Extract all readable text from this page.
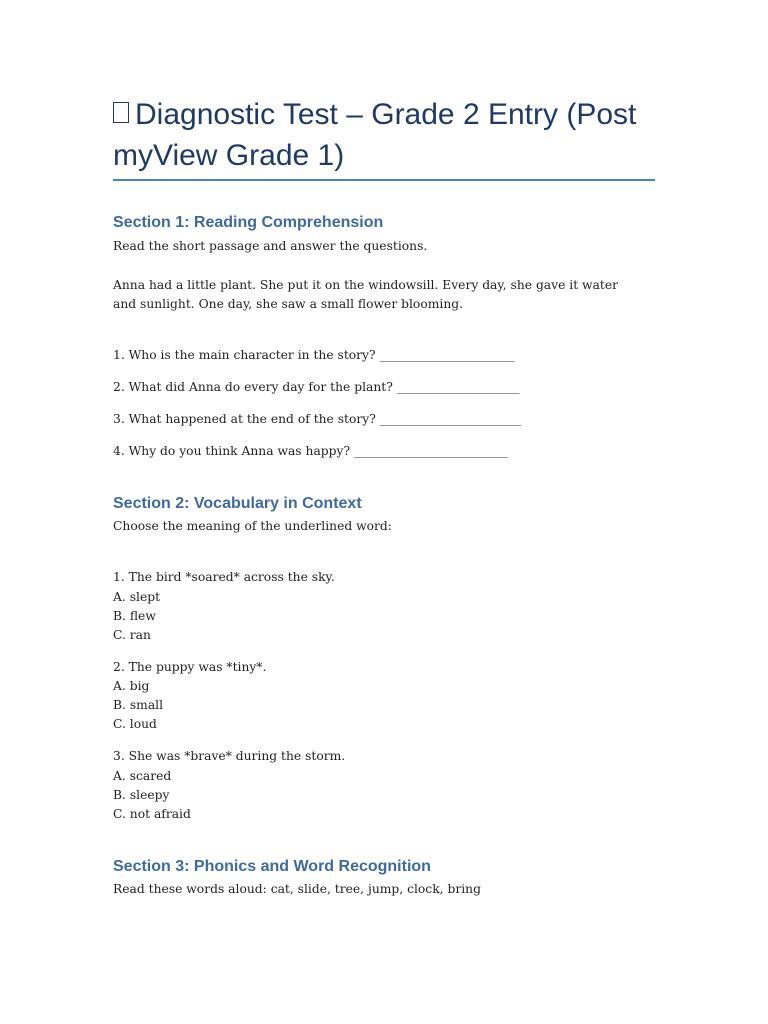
Diagnostic Test – Grade 2 Entry (Post myView Grade 1)
Section 1: Reading Comprehension

Read the short passage and answer the questions.

Anna had a little plant. She put it on the windowsill. Every day, she gave it water and sunlight. One day, she saw a small flower blooming.

1. Who is the main character in the story? ______________________

2. What did Anna do every day for the plant? ____________________

3. What happened at the end of the story? _______________________

4. Why do you think Anna was happy? _________________________

Section 2: Vocabulary in Context

Choose the meaning of the underlined word:

1. The bird *soared* across the sky.

A. slept

B. flew

C. ran

2. The puppy was *tiny*.

A. big

B. small

C. loud

3. She was *brave* during the storm.

A. scared

B. sleepy

C. not afraid

Section 3: Phonics and Word Recognition

Read these words aloud: cat, slide, tree, jump, clock, bring
